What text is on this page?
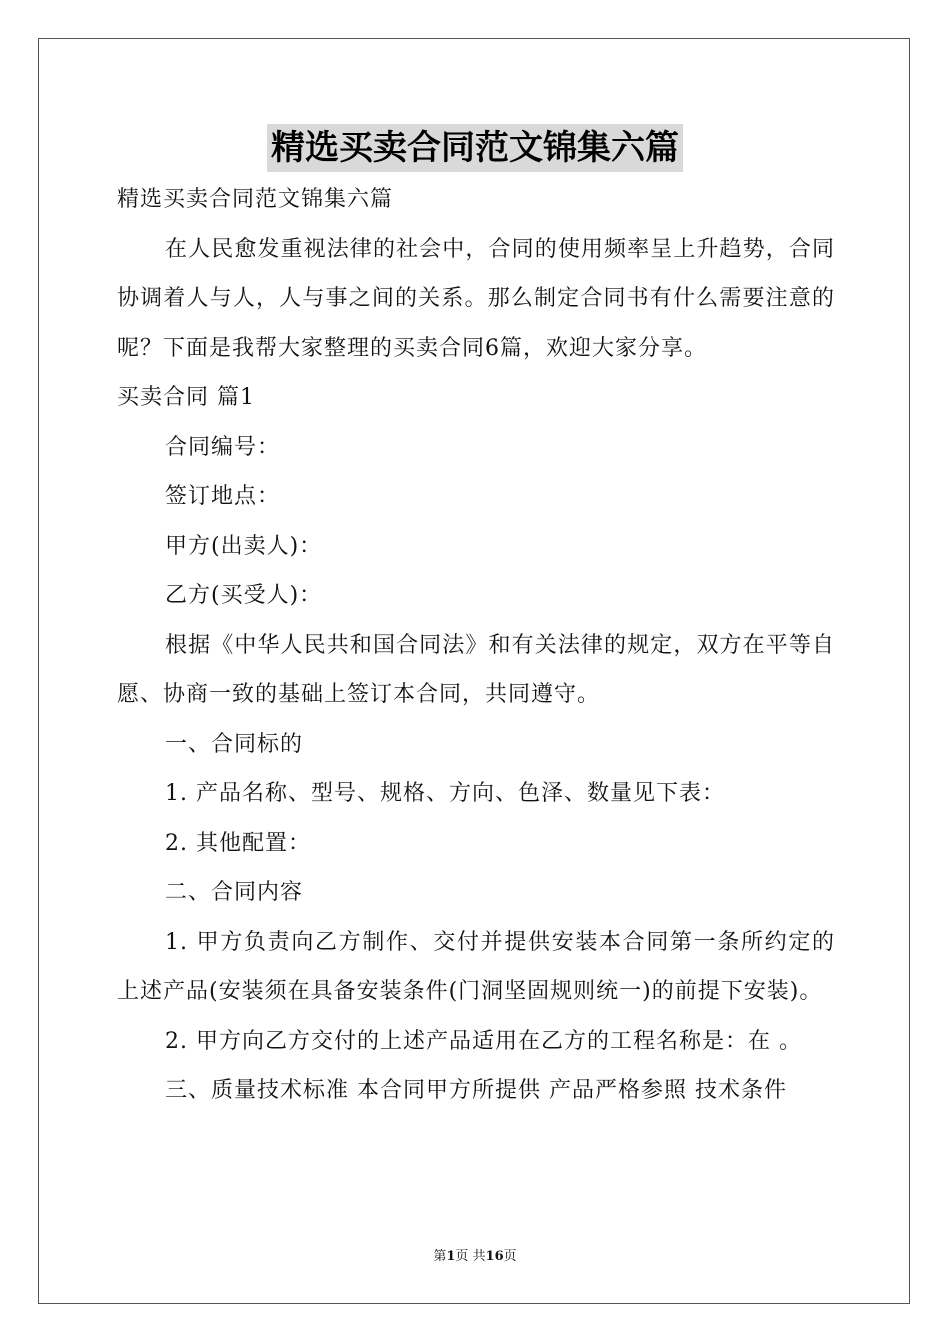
精选买卖合同范文锦集六篇

精选买卖合同范文锦集六篇

在人民愈发重视法律的社会中，合同的使用频率呈上升趋势，合同协调着人与人，人与事之间的关系。那么制定合同书有什么需要注意的呢？下面是我帮大家整理的买卖合同6篇，欢迎大家分享。

买卖合同 篇1

合同编号：

签订地点：

甲方(出卖人)：

乙方(买受人)：

根据《中华人民共和国合同法》和有关法律的规定，双方在平等自愿、协商一致的基础上签订本合同，共同遵守。

一、合同标的

1. 产品名称、型号、规格、方向、色泽、数量见下表：

2. 其他配置：

二、合同内容

1. 甲方负责向乙方制作、交付并提供安装本合同第一条所约定的上述产品(安装须在具备安装条件(门洞坚固规则统一)的前提下安装)。

2. 甲方向乙方交付的上述产品适用在乙方的工程名称是：在 。

三、质量技术标准 本合同甲方所提供 产品严格参照 技术条件

第1页 共16页
